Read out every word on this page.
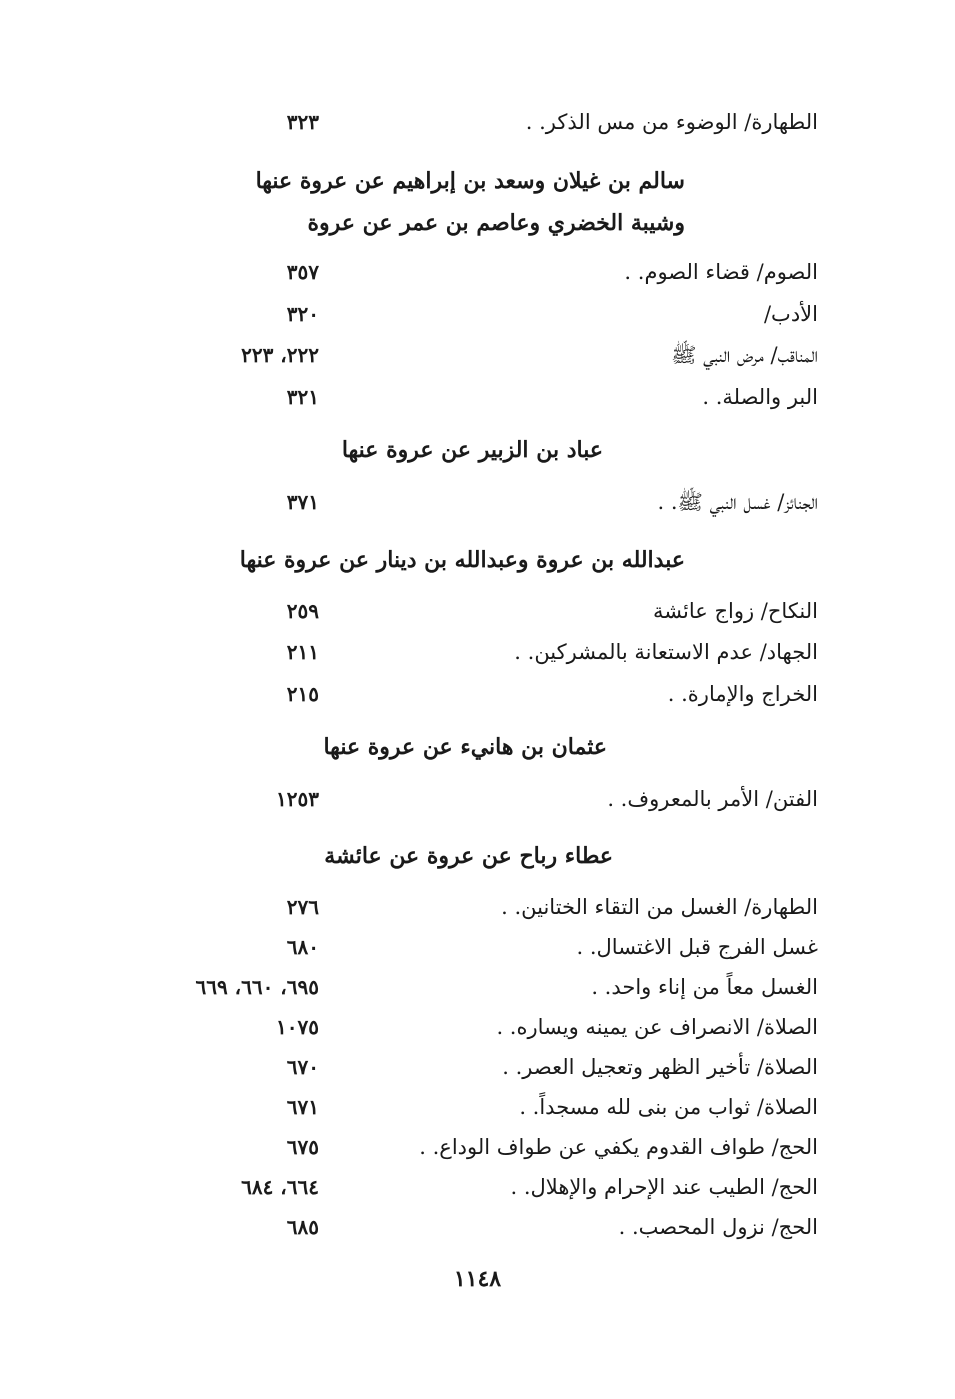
الطهارة/ الوضوء من مس الذكر. .
٣٢٣
سالم بن غيلان وسعد بن إبراهيم عن عروة عنها
وشيبة الخضري وعاصم بن عمر عن عروة
الصوم/ قضاء الصوم. .
٣٥٧
الأدب/
٣٢٠
المناقب/ مرض النبي ﷺ
٢٢٢، ٢٢٣
البر والصلة. .
٣٢١
عباد بن الزبير عن عروة عنها
الجنائز/ غسل النبي ﷺ. .
٣٧١
عبدالله بن عروة وعبدالله بن دينار عن عروة عنها
النكاح/ زواج عائشة
٢٥٩
الجهاد/ عدم الاستعانة بالمشركين. .
٢١١
الخراج والإمارة. .
٢١٥
عثمان بن هانيء عن عروة عنها
الفتن/ الأمر بالمعروف. .
١٢٥٣
عطاء رباح عن عروة عن عائشة
الطهارة/ الغسل من التقاء الختانين. .
٢٧٦
غسل الفرج قبل الاغتسال. .
٦٨٠
الغسل معاً من إناء واحد. .
٦٩٥، ٦٦٠، ٦٦٩
الصلاة/ الانصراف عن يمينه ويساره. .
١٠٧٥
الصلاة/ تأخير الظهر وتعجيل العصر. .
٦٧٠
الصلاة/ ثواب من بنى لله مسجداً. .
٦٧١
الحج/ طواف القدوم يكفي عن طواف الوداع. .
٦٧٥
الحج/ الطيب عند الإحرام والإهلال. .
٦٦٤، ٦٨٤
الحج/ نزول المحصب. .
٦٨٥
١١٤٨
